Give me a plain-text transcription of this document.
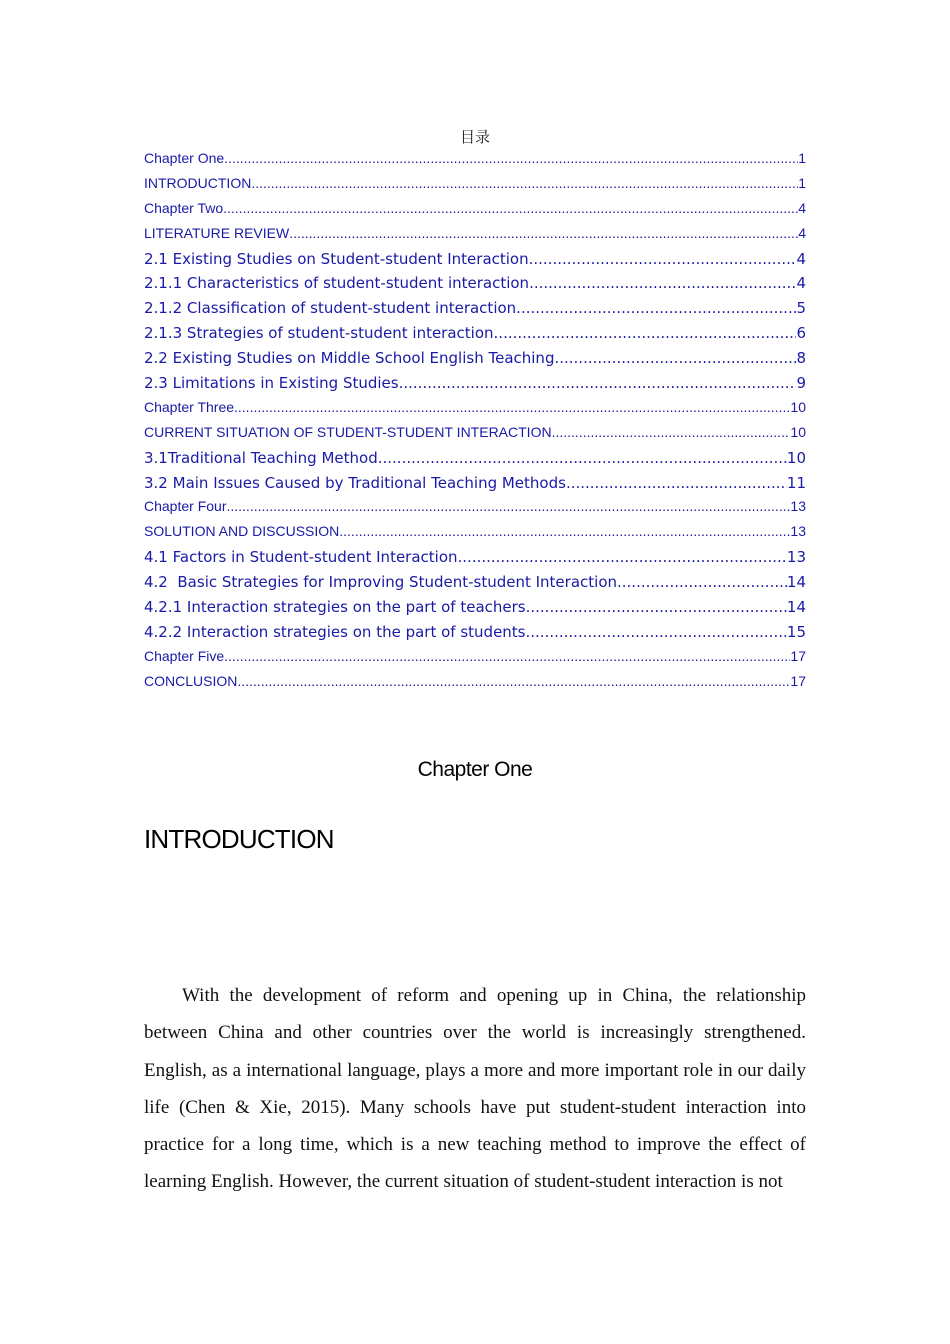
目录
Chapter One .....	1
INTRODUCTION .....	1
Chapter Two .....	4
LITERATURE REVIEW .....	4
2.1 Existing Studies on Student-student Interaction .....	4
2.1.1 Characteristics of student-student interaction .....	4
2.1.2 Classification of student-student interaction .....	5
2.1.3 Strategies of student-student interaction .....	6
2.2 Existing Studies on Middle School English Teaching .....	8
2.3 Limitations in Existing Studies .....	9
Chapter Three .....	10
CURRENT SITUATION OF STUDENT-STUDENT INTERACTION .....	10
3.1Traditional Teaching Method .....	10
3.2 Main Issues Caused by Traditional Teaching Methods .....	11
Chapter Four .....	13
SOLUTION AND DISCUSSION .....	13
4.1 Factors in Student-student Interaction .....	13
4.2  Basic Strategies for Improving Student-student Interaction .....	14
4.2.1 Interaction strategies on the part of teachers .....	14
4.2.2 Interaction strategies on the part of students .....	15
Chapter Five .....	17
CONCLUSION .....	17
Chapter One
INTRODUCTION

With the development of reform and opening up in China, the relationship between China and other countries over the world is increasingly strengthened. English, as a international language, plays a more and more important role in our daily life (Chen & Xie, 2015). Many schools have put student-student interaction into practice for a long time, which is a new teaching method to improve the effect of learning English. However, the current situation of student-student interaction is not
